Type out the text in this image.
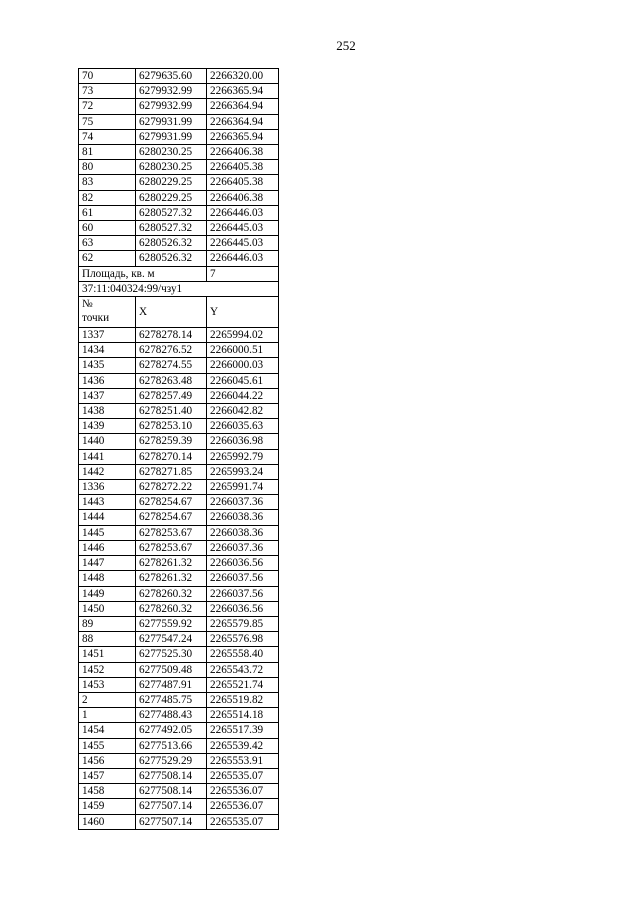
252
70	6279635.60	2266320.00
73	6279932.99	2266365.94
72	6279932.99	2266364.94
75	6279931.99	2266364.94
74	6279931.99	2266365.94
81	6280230.25	2266406.38
80	6280230.25	2266405.38
83	6280229.25	2266405.38
82	6280229.25	2266406.38
61	6280527.32	2266446.03
60	6280527.32	2266445.03
63	6280526.32	2266445.03
62	6280526.32	2266446.03
Площадь, кв. м		7
37:11:040324:99/чзу1		
№
точки	X	Y
1337	6278278.14	2265994.02
1434	6278276.52	2266000.51
1435	6278274.55	2266000.03
1436	6278263.48	2266045.61
1437	6278257.49	2266044.22
1438	6278251.40	2266042.82
1439	6278253.10	2266035.63
1440	6278259.39	2266036.98
1441	6278270.14	2265992.79
1442	6278271.85	2265993.24
1336	6278272.22	2265991.74
1443	6278254.67	2266037.36
1444	6278254.67	2266038.36
1445	6278253.67	2266038.36
1446	6278253.67	2266037.36
1447	6278261.32	2266036.56
1448	6278261.32	2266037.56
1449	6278260.32	2266037.56
1450	6278260.32	2266036.56
89	6277559.92	2265579.85
88	6277547.24	2265576.98
1451	6277525.30	2265558.40
1452	6277509.48	2265543.72
1453	6277487.91	2265521.74
2	6277485.75	2265519.82
1	6277488.43	2265514.18
1454	6277492.05	2265517.39
1455	6277513.66	2265539.42
1456	6277529.29	2265553.91
1457	6277508.14	2265535.07
1458	6277508.14	2265536.07
1459	6277507.14	2265536.07
1460	6277507.14	2265535.07
